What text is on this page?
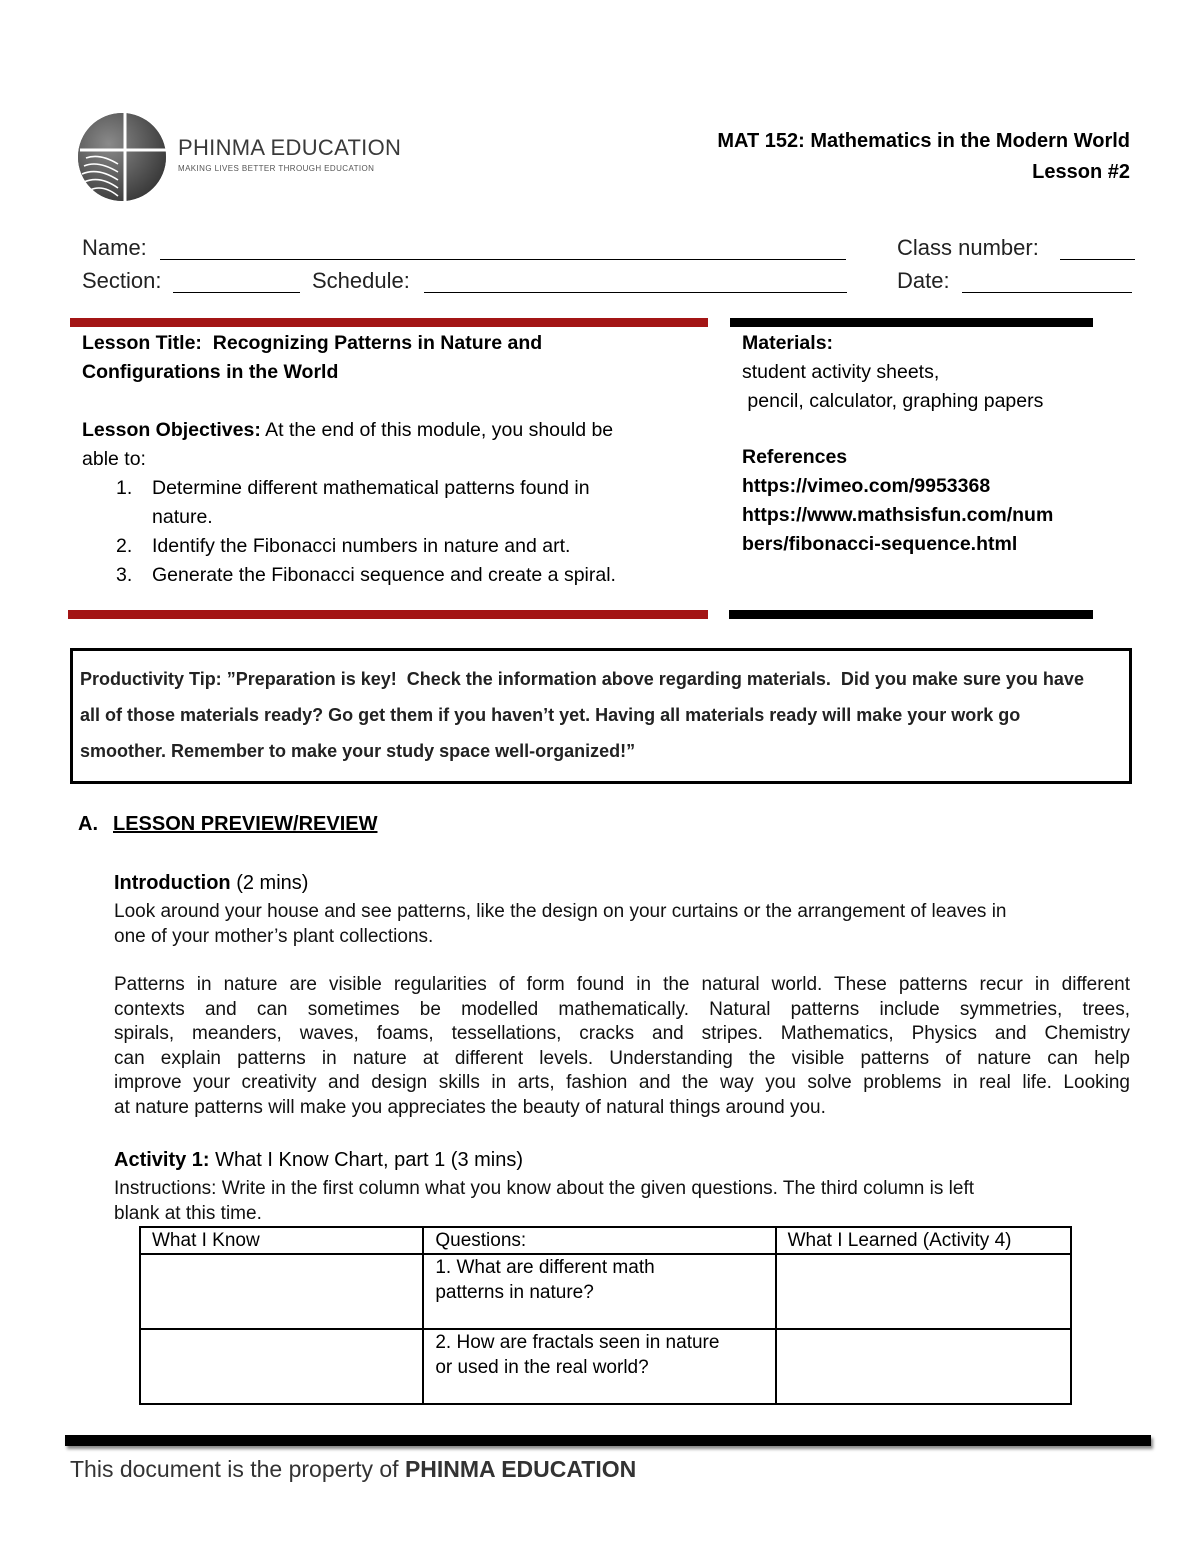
PHINMA EDUCATION
MAKING LIVES BETTER THROUGH EDUCATION
MAT 152: Mathematics in the Modern World
Lesson #2
Name:	Class number:
Section:	Schedule:	Date:
Lesson Title: Recognizing Patterns in Nature and
Configurations in the World
Lesson Objectives: At the end of this module, you should be
able to:
1. Determine different mathematical patterns found in
nature.
2. Identify the Fibonacci numbers in nature and art.
3. Generate the Fibonacci sequence and create a spiral.
Materials:
student activity sheets,
pencil, calculator, graphing papers
References
https://vimeo.com/9953368
https://www.mathsisfun.com/num
bers/fibonacci-sequence.html
Productivity Tip: ”Preparation is key!  Check the information above regarding materials.  Did you make sure you have
all of those materials ready? Go get them if you haven’t yet. Having all materials ready will make your work go
smoother. Remember to make your study space well-organized!”
A. LESSON PREVIEW/REVIEW
Introduction (2 mins)
Look around your house and see patterns, like the design on your curtains or the arrangement of leaves in
one of your mother’s plant collections.
Patterns in nature are visible regularities of form found in the natural world. These patterns recur in different
contexts and can sometimes be modelled mathematically. Natural patterns include symmetries, trees,
spirals, meanders, waves, foams, tessellations, cracks and stripes. Mathematics, Physics and Chemistry
can explain patterns in nature at different levels. Understanding the visible patterns of nature can help
improve your creativity and design skills in arts, fashion and the way you solve problems in real life. Looking
at nature patterns will make you appreciates the beauty of natural things around you.
Activity 1: What I Know Chart, part 1 (3 mins)
Instructions: Write in the first column what you know about the given questions. The third column is left
blank at this time.
What I Know	Questions:	What I Learned (Activity 4)

	1. What are different math
patterns in nature?	

	2. How are fractals seen in nature
or used in the real world?	

This document is the property of PHINMA EDUCATION
